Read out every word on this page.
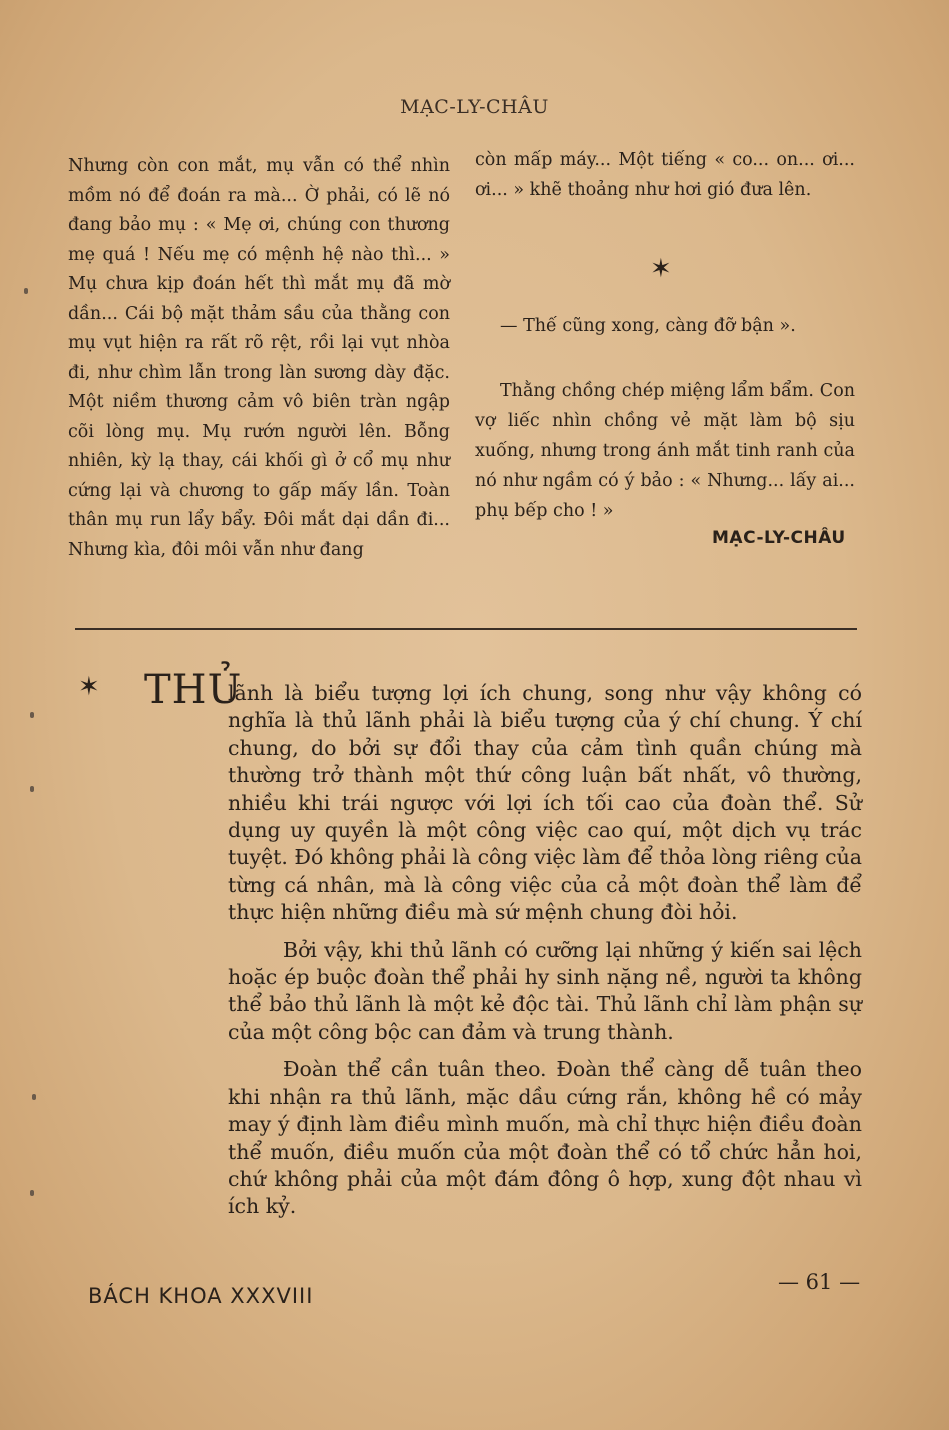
MẠC-LY-CHÂU

Nhưng còn con mắt, mụ vẫn có thể nhìn mồm nó để đoán ra mà... Ờ phải, có lẽ nó đang bảo mụ : « Mẹ ơi, chúng con thương mẹ quá ! Nếu mẹ có mệnh hệ nào thì... » Mụ chưa kịp đoán hết thì mắt mụ đã mờ dần... Cái bộ mặt thảm sầu của thằng con mụ vụt hiện ra rất rõ rệt, rồi lại vụt nhòa đi, như chìm lẫn trong làn sương dày đặc. Một niềm thương cảm vô biên tràn ngập cõi lòng mụ. Mụ rướn người lên. Bỗng nhiên, kỳ lạ thay, cái khối gì ở cổ mụ như cứng lại và chương to gấp mấy lần. Toàn thân mụ run lẩy bẩy. Đôi mắt dại dần đi... Nhưng kìa, đôi môi vẫn như đang

còn mấp máy... Một tiếng « co... on... ơi... ơi... » khẽ thoảng như hơi gió đưa lên.

✶
— Thế cũng xong, càng đỡ bận ».

Thằng chồng chép miệng lẩm bẩm. Con vợ liếc nhìn chồng vẻ mặt làm bộ sịu xuống, nhưng trong ánh mắt tinh ranh của nó như ngầm có ý bảo : « Nhưng... lấy ai... phụ bếp cho ! »

MẠC-LY-CHÂU
✶ THỦ

lãnh là biểu tượng lợi ích chung, song như vậy không có nghĩa là thủ lãnh phải là biểu tượng của ý chí chung. Ý chí chung, do bởi sự đổi thay của cảm tình quần chúng mà thường trở thành một thứ công luận bất nhất, vô thường, nhiều khi trái ngược với lợi ích tối cao của đoàn thể. Sử dụng uy quyền là một công việc cao quí, một dịch vụ trác tuyệt. Đó không phải là công việc làm để thỏa lòng riêng của từng cá nhân, mà là công việc của cả một đoàn thể làm để thực hiện những điều mà sứ mệnh chung đòi hỏi.

Bởi vậy, khi thủ lãnh có cưỡng lại những ý kiến sai lệch hoặc ép buộc đoàn thể phải hy sinh nặng nề, người ta không thể bảo thủ lãnh là một kẻ độc tài. Thủ lãnh chỉ làm phận sự của một công bộc can đảm và trung thành.

Đoàn thể cần tuân theo. Đoàn thể càng dễ tuân theo khi nhận ra thủ lãnh, mặc dầu cứng rắn, không hề có mảy may ý định làm điều mình muốn, mà chỉ thực hiện điều đoàn thể muốn, điều muốn của một đoàn thể có tổ chức hẳn hoi, chứ không phải của một đám đông ô hợp, xung đột nhau vì ích kỷ.

BÁCH KHOA XXXVIII
— 61 —
